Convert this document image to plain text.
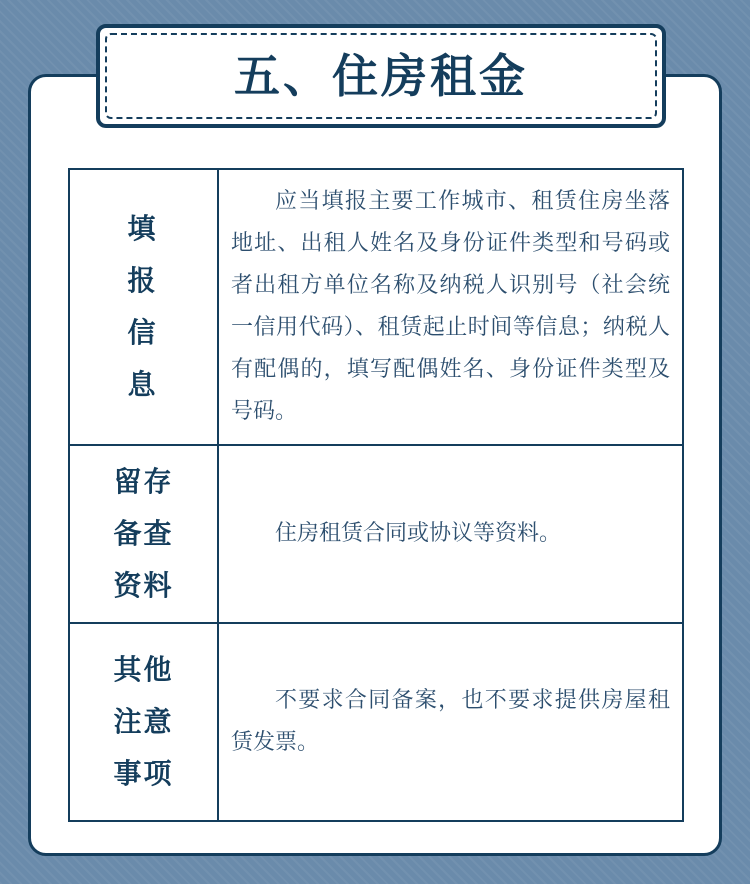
五、住房租金
填报信息	应当填报主要工作城市、租赁住房坐落地址、出租人姓名及身份证件类型和号码或者出租方单位名称及纳税人识别号（社会统一信用代码）、租赁起止时间等信息；纳税人有配偶的，填写配偶姓名、身份证件类型及号码。

留存备查资料	住房租赁合同或协议等资料。

其他注意事项	不要求合同备案，也不要求提供房屋租赁发票。
